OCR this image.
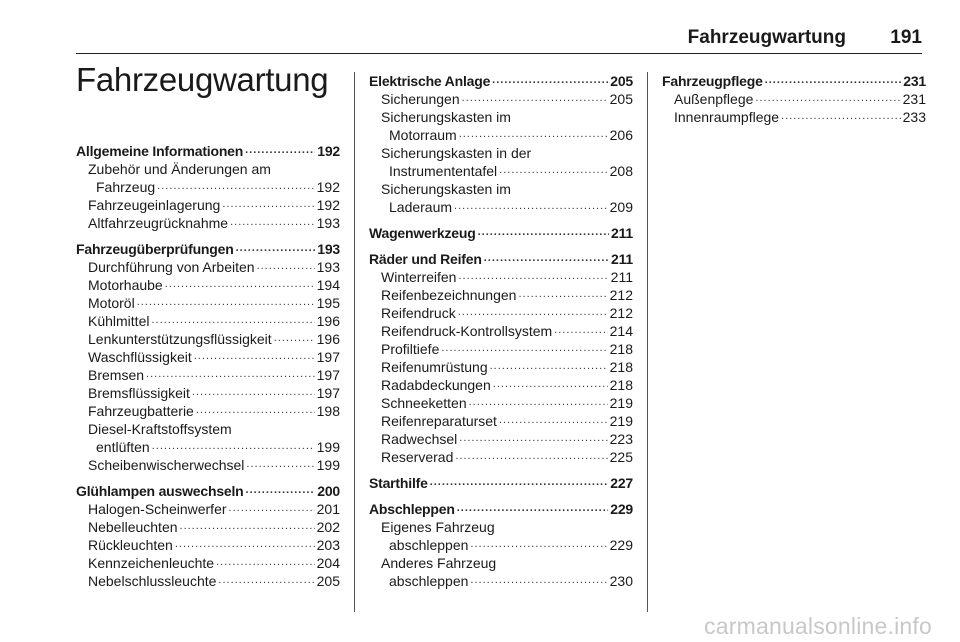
Fahrzeugwartung 191
Fahrzeugwartung
Allgemeine Informationen .....	192
Zubehör und Änderungen am
Fahrzeug .....	192
Fahrzeugeinlagerung .....	192
Altfahrzeugrücknahme .....	193
Fahrzeugüberprüfungen .....	193
Durchführung von Arbeiten .....	193
Motorhaube .....	194
Motoröl .....	195
Kühlmittel .....	196
Lenkunterstützungsflüssigkeit .....	196
Waschflüssigkeit .....	197
Bremsen .....	197
Bremsflüssigkeit .....	197
Fahrzeugbatterie .....	198
Diesel-Kraftstoffsystem
entlüften .....	199
Scheibenwischerwechsel .....	199
Glühlampen auswechseln .....	200
Halogen-Scheinwerfer .....	201
Nebelleuchten .....	202
Rückleuchten .....	203
Kennzeichenleuchte .....	204
Nebelschlussleuchte .....	205
Elektrische Anlage .....	205
Sicherungen .....	205
Sicherungskasten im
Motorraum .....	206
Sicherungskasten in der
Instrumententafel .....	208
Sicherungskasten im
Laderaum .....	209
Wagenwerkzeug .....	211
Räder und Reifen .....	211
Winterreifen .....	211
Reifenbezeichnungen .....	212
Reifendruck .....	212
Reifendruck-Kontrollsystem .....	214
Profiltiefe .....	218
Reifenumrüstung .....	218
Radabdeckungen .....	218
Schneeketten .....	219
Reifenreparaturset .....	219
Radwechsel .....	223
Reserverad .....	225
Starthilfe .....	227
Abschleppen .....	229
Eigenes Fahrzeug
abschleppen .....	229
Anderes Fahrzeug
abschleppen .....	230
Fahrzeugpflege .....	231
Außenpflege .....	231
Innenraumpflege .....	233
carmanualsonline.info
